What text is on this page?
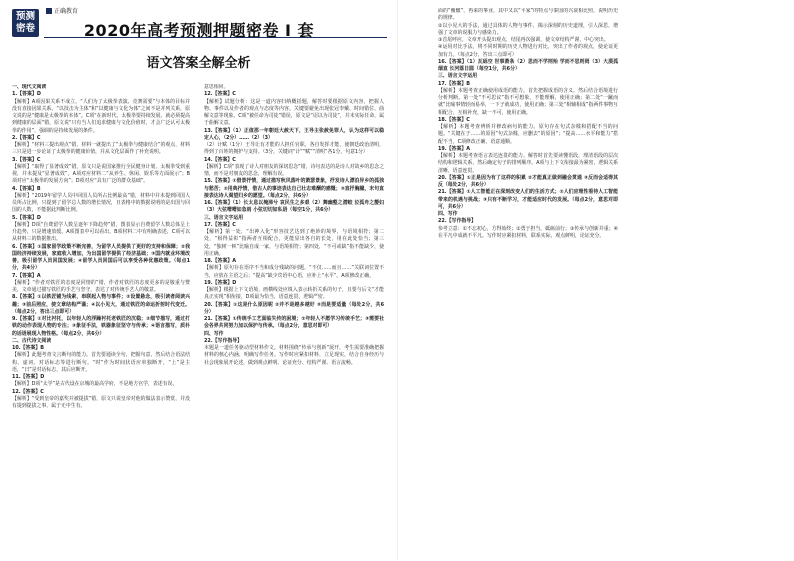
预测密卷
正确教育
2020年高考预测押题密卷 I 套
语文答案全解全析

一、现代文阅读

1.【答案】D

【解析】A项因果关系不成立，“人们为了太极拳表演、竞赛需要”与本体的目标并没有直接因果关系。“以技击为主体”和“以健康与文化为体”之间不是并列关系，原文说的是“健康是太极拳的本体”。C项“在新时代，太极拳要持续发展，就必须提高到健康的层面”错，原文说“只有当人们追求健康与文化价值时，才会广泛认可太极拳的作用”，强调的是持续发展的条件。

2.【答案】C

【解析】“材料三提出观点”错，材料一就提出了“太极拳与健康结合”的观点，材料三只是进一步论证了太极拳的健康价值，并从文化层面作了补充说明。

3.【答案】C

【解析】“取得了显著成效”错，原文只是说国家推行全民健身计划，太极拳受到重视，并未提及“显著成效”。A项对应材料二“从养生、休闲、娱乐等方面展示”；B项对应“太极拳的发展方向”；D项对应“具有广泛的群众基础”。

4.【答案】B

【解析】“2019年留学人员中回国人员所占比例最高”错，材料中并未提到回国人员所占比例，只提到了留学总人数的增长情况，且表格中的数据说明的是出国与回国的人数，不能据此判断比例。

5.【答案】D

【解析】D项“自费留学人数呈逐年下降趋势”错，图表显示自费留学人数总体呈上升趋势，只是增速放缓。A项图表中可以看出，B项材料二中有明确表述，C项可以从材料三的数据推出。

6.【答案】①国家留学政策不断完善，为留学人员提供了更好的支持和保障；②我国经济持续发展，家庭收入增加，为出国留学提供了经济基础；③国内就业环境改善，吸引留学人员回国发展；④留学人员回国后可以享受各种优惠政策。（每点1分，共4分）

7.【答案】A

【解析】“作者对铁匠的态度是同情的”错，作者对铁匠的态度更多的是敬重与赞美，文章通过描写铁匠的手艺与坚守，表达了对传统手艺人的敬意。

8.【答案】①以铁匠铺为线索，串联起人物与事件；②设置悬念，吸引读者阅读兴趣；③前后照应，使文章结构严谨；④以小见大，通过铁匠的命运折射时代变迁。（每点2分，答出三点即可）

9.【答案】①对比衬托，以年轻人的浮躁衬托老铁匠的沉稳；②细节描写，通过打铁的动作表现人物的专注；③象征手法，铁器象征坚守与传承；④语言描写，质朴的话语展现人物性格。（每点2分，共6分）

二、古代诗文阅读

10.【答案】B

【解析】此题考查文言断句的能力。首先要通读全句，把握句意，然后结合语法结构、虚词、对话标志等进行断句。“时”作为时间状语应单独断开，“上”是主语，“曰”是对话标志，其后应断开。

11.【答案】D

【解析】D项“太学”是古代设在京城的最高学府，不是地方官学，表述有误。

12.【答案】C

【解析】“受到皇帝的嘉奖并被提拔”错，原文只说皇帝对他的做法表示赞赏，并没有提到提拔之事，属于无中生有。

意思相同。

12.【答案】C

【解析】试题分析：这是一道内容归纳概括题，解答时要根据原文内容，把握人物、事件以及作者的观点与态度等内容。关键要避免出现张冠李戴、时间错位、曲解文意等现象。C项“被任命为司徒”错误，原文是“诏以为司徒”，并未实际任命，属于曲解文意。

13.【答案】（1）正值那一年朝廷大赦天下，王导主张赦免罪人，认为这样可以稳定人心，（2分）……（2）（3）

（2）计赋（1分）王导让有才能的人担任官职，各自发挥才能，使朝廷政治清明，得到了百姓的拥护与支持。（3分，关键词“计”“赋”“清明”各1分，句意1分）

14.【答案】C

【解析】C项“表现了诗人对朋友的深切思念”错，诗句表达的是诗人对故乡的思念之情，而不是对朋友的思念，理解有误。

15.【答案】①借景抒情，通过描写秋风落叶的萧瑟景象，抒发诗人漂泊异乡的孤独与愁苦；②用典抒情，借古人的事迹表达自己壮志难酬的感慨；③直抒胸臆，末句直接表达诗人渴望归乡的愿望。（每点2分，共6分）

16.【答案】（1）长太息以掩涕兮 哀民生之多艰（2）舞幽壑之潜蛟 泣孤舟之嫠妇（3）大弦嘈嘈如急雨 小弦切切如私语（每空1分，共6分）

三、语言文字运用

17.【答案】C

【解析】第一处，“出神入化”形容技艺达到了绝妙的境界，与语境相符；第二处，“相得益彰”指两者互相配合，更能显出各自的长处，用在此处恰当；第三处，“独树一帜”比喻自成一家，与语境相符；第四处，“不可或缺”指不能缺少，使用正确。

18.【答案】A

【解析】原句存在语序不当和成分残缺的问题，“不仅……而且……”关联词位置不当，应放在主语之后；“提高”缺少宾语中心语，应补上“水平”。A项修改正确。

19.【答案】D

【解析】根据上下文语境，画横线处应填入表示转折关系的句子，且要与后文“才能真正实现”相衔接，D项最为恰当，语意连贯，逻辑严密。

20.【答案】①这是什么原因呢 ②并不是越多越好 ③而是要适量（每处2分，共6分）

21.【答案】①传统手工艺面临失传的困境；②年轻人不愿学习传统手艺；③需要社会各界共同努力加以保护与传承。（每点2分，意思对即可）

四、写作

22.【写作指导】

本题是一道任务驱动型材料作文。材料围绕“传承与创新”展开，考生需要准确把握材料的核心内涵，明确写作任务。写作时应紧扣材料，立足现实，结合自身经历与社会现象展开论述，做到观点鲜明、论证充分、结构严谨、语言流畅。

面的“覆辙”，再来的事业，其中又以“平家”的特点与秦国的兴衰相比照，说明历史的规律。

②以小见大的手法，通过具体的人物与事件，揭示深刻的历史道理，引人深思，增强了文章的说服力与感染力。

③首尾呼应，文章开头提出观点，结尾再次强调，使文章结构严谨，中心突出。

④运用对比手法，将不同时期的历史人物进行对比，突出了作者的观点，使论证更加有力。（每点2分，答出三点即可）

16.【答案】（1）瓦砾空 世事萧条（2）思而不学则殆 学而不思则罔（3）大漠孤烟直 长河落日圆（每空1分，共6分）

三、语言文字运用

17.【答案】B

【解析】本题考查正确使用成语的能力。首先把握成语的含义，然后结合语境进行分析判断。第一处“不可思议”指不可想象，不能理解，使用正确；第二处“一蹴而就”比喻事情轻而易举，一下子就成功，使用正确；第三处“相辅相成”指两件事物互相配合，互相补充，缺一不可，使用正确。

18.【答案】C

【解析】本题考查辨析并修改病句的能力。原句存在句式杂糅和搭配不当的问题。“关键在于……的原因”句式杂糅，应删去“的原因”；“提高……水平和能力”搭配不当。C项修改正确，语意通顺。

19.【答案】A

【解析】本题考查语言表达连贯的能力。解答时首先要读懂语段，理清语段的层次结构和逻辑关系，然后确定句子的排列顺序。A项与上下文衔接最为紧密，逻辑关系清晰，语意连贯。

20.【答案】①正是因为有了这样的积累 ②才能真正做到融会贯通 ③反而会适得其反（每处2分，共6分）

21.【答案】①人工智能正在深刻改变人们的生活方式；②人们应理性看待人工智能带来的机遇与挑战；③只有不断学习，才能适应时代的发展。（每点2分，意思对即可，共6分）

四、写作

22.【写作指导】

参考立意：①不忘初心，方得始终；②勇于担当，砥砺前行；③传承与创新并重；④在平凡中成就不平凡。写作时应紧扣材料，联系实际，观点鲜明，论证充分。
